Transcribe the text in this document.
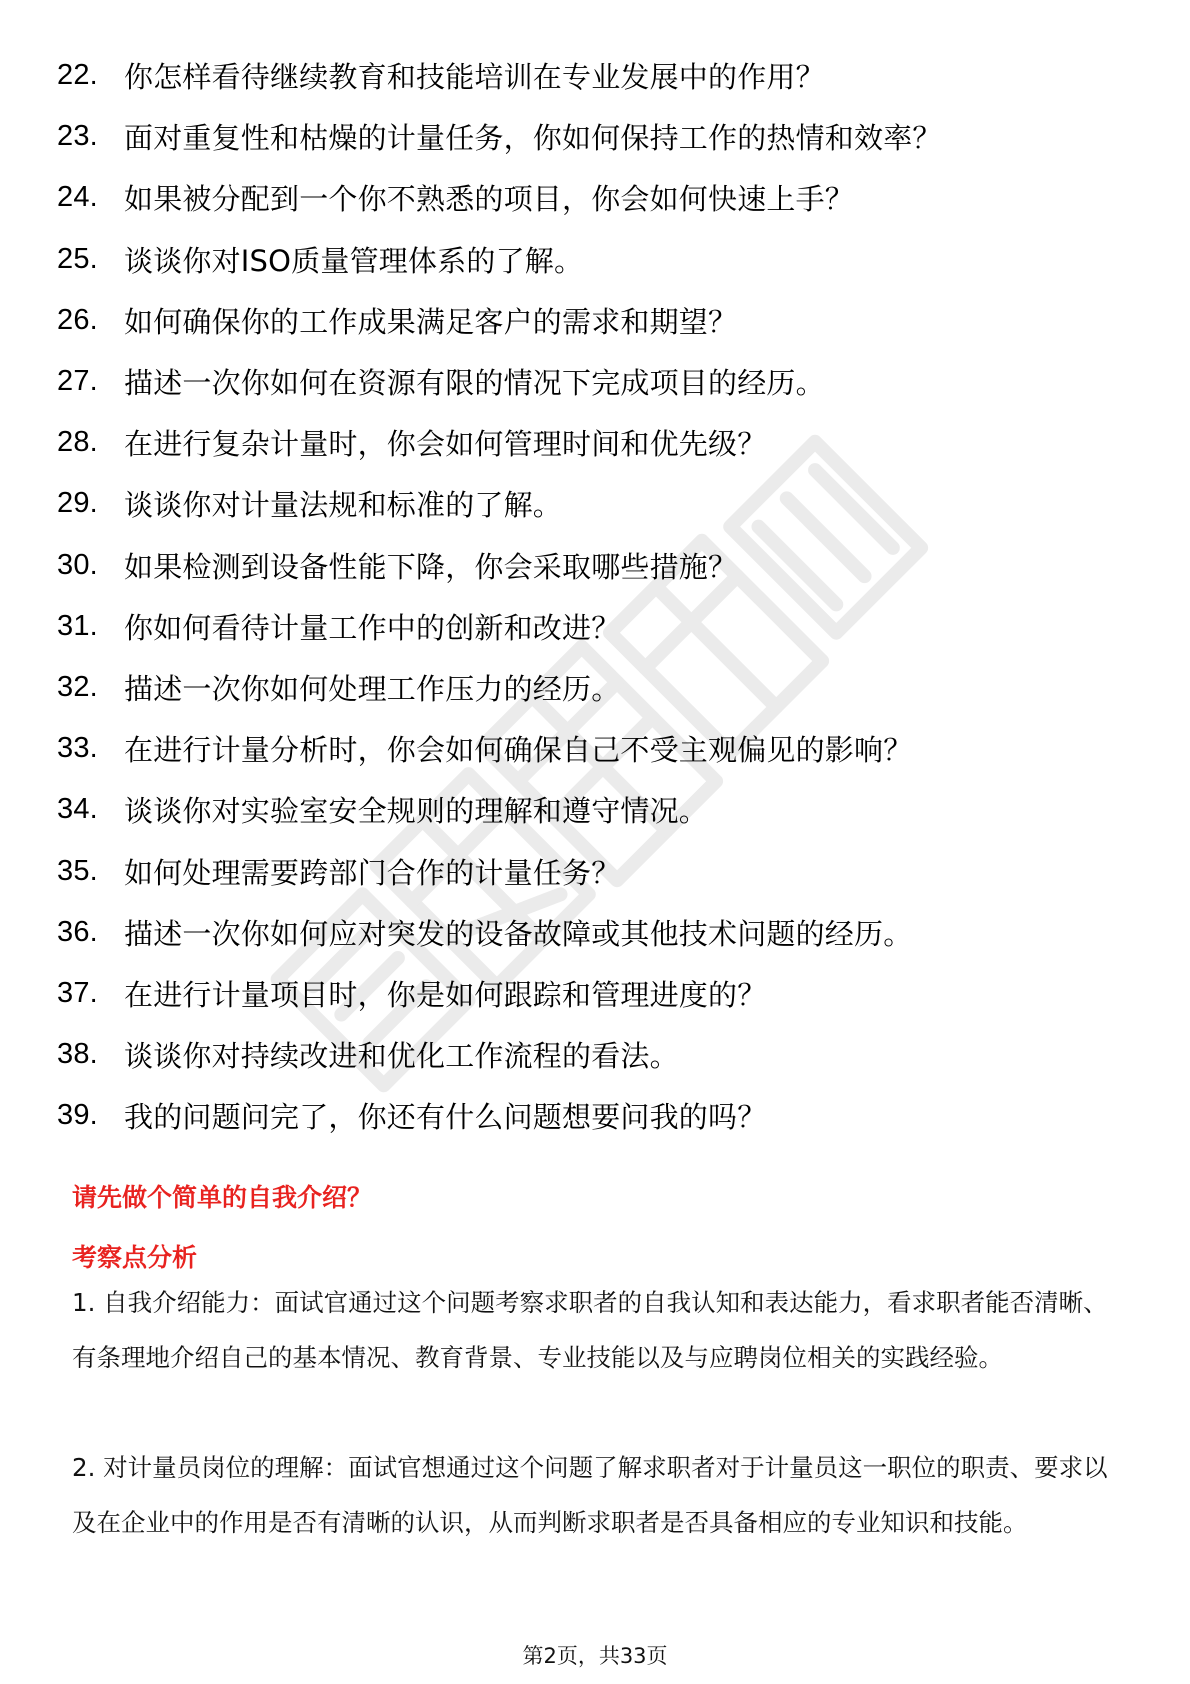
22. 你怎样看待继续教育和技能培训在专业发展中的作用？
23. 面对重复性和枯燥的计量任务，你如何保持工作的热情和效率？
24. 如果被分配到一个你不熟悉的项目，你会如何快速上手？
25. 谈谈你对ISO质量管理体系的了解。
26. 如何确保你的工作成果满足客户的需求和期望？
27. 描述一次你如何在资源有限的情况下完成项目的经历。
28. 在进行复杂计量时，你会如何管理时间和优先级？
29. 谈谈你对计量法规和标准的了解。
30. 如果检测到设备性能下降，你会采取哪些措施？
31. 你如何看待计量工作中的创新和改进？
32. 描述一次你如何处理工作压力的经历。
33. 在进行计量分析时，你会如何确保自己不受主观偏见的影响？
34. 谈谈你对实验室安全规则的理解和遵守情况。
35. 如何处理需要跨部门合作的计量任务？
36. 描述一次你如何应对突发的设备故障或其他技术问题的经历。
37. 在进行计量项目时，你是如何跟踪和管理进度的？
38. 谈谈你对持续改进和优化工作流程的看法。
39. 我的问题问完了，你还有什么问题想要问我的吗？
请先做个简单的自我介绍？
考察点分析
1. 自我介绍能力：面试官通过这个问题考察求职者的自我认知和表达能力，看求职者能否清晰、有条理地介绍自己的基本情况、教育背景、专业技能以及与应聘岗位相关的实践经验。
2. 对计量员岗位的理解：面试官想通过这个问题了解求职者对于计量员这一职位的职责、要求以及在企业中的作用是否有清晰的认识，从而判断求职者是否具备相应的专业知识和技能。
第2页，共33页
